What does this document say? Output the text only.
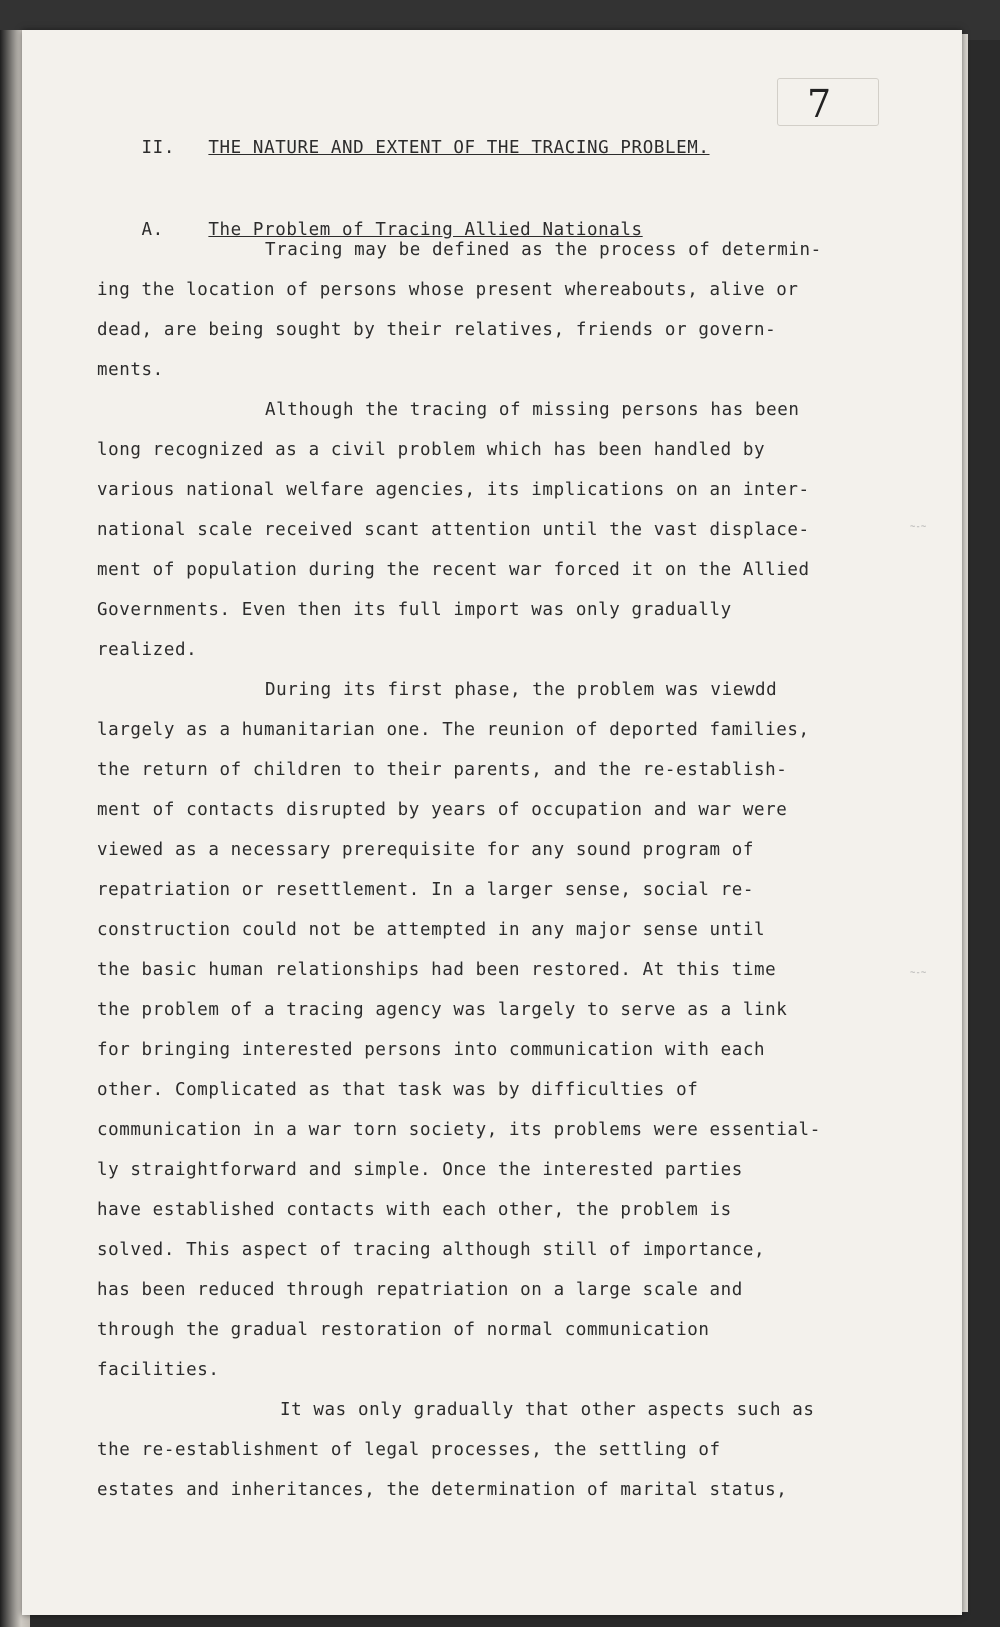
7

II. THE NATURE AND EXTENT OF THE TRACING PROBLEM.

A.	The Problem of Tracing Allied Nationals

Tracing may be defined as the process of determin-
ing the location of persons whose present whereabouts, alive or
dead, are being sought by their relatives, friends or govern-
ments.
Although the tracing of missing persons has been
long recognized as a civil problem which has been handled by
various national welfare agencies, its implications on an inter-
national scale received scant attention until the vast displace-
ment of population during the recent war forced it on the Allied
Governments. Even then its full import was only gradually
realized.
During its first phase, the problem was viewdd
largely as a humanitarian one. The reunion of deported families,
the return of children to their parents, and the re-establish-
ment of contacts disrupted by years of occupation and war were
viewed as a necessary prerequisite for any sound program of
repatriation or resettlement. In a larger sense, social re-
construction could not be attempted in any major sense until
the basic human relationships had been restored. At this time
the problem of a tracing agency was largely to serve as a link
for bringing interested persons into communication with each
other. Complicated as that task was by difficulties of
communication in a war torn society, its problems were essential-
ly straightforward and simple. Once the interested parties
have established contacts with each other, the problem is
solved. This aspect of tracing although still of importance,
has been reduced through repatriation on a large scale and
through the gradual restoration of normal communication
facilities.
It was only gradually that other aspects such as
the re-establishment of legal processes, the settling of
estates and inheritances, the determination of marital status,
~-~
~-~
